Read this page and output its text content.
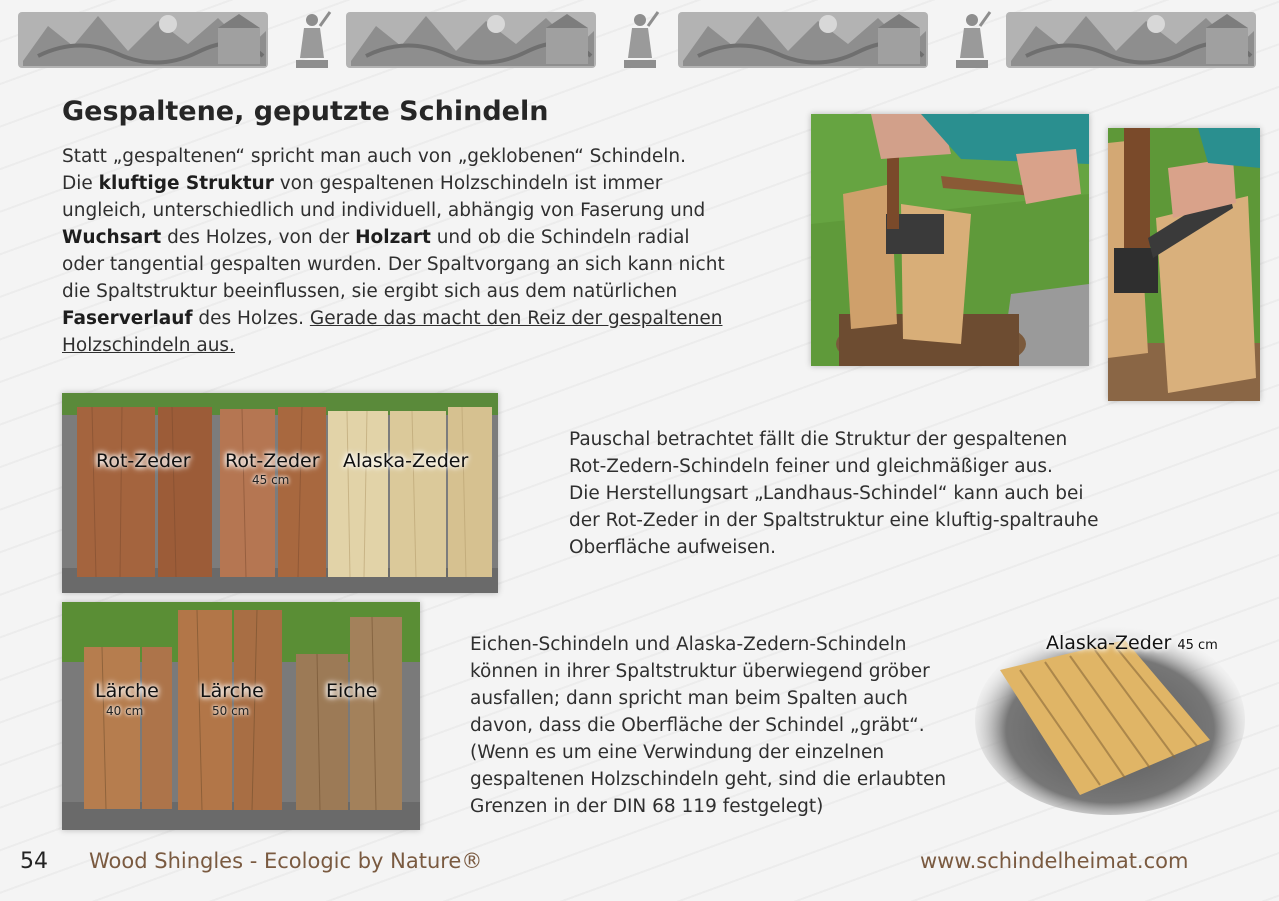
Gespaltene, geputzte Schindeln
Statt „gespaltenen“ spricht man auch von „geklobenen“ Schindeln.
Die kluftige Struktur von gespaltenen Holzschindeln ist immer
ungleich, unterschiedlich und individuell, abhängig von Faserung und
Wuchsart des Holzes, von der Holzart und ob die Schindeln radial
oder tangential gespalten wurden. Der Spaltvorgang an sich kann nicht
die Spaltstruktur beeinflussen, sie ergibt sich aus dem natürlichen
Faserverlauf des Holzes. Gerade das macht den Reiz der gespaltenen
Holzschindeln aus.
Rot-Zeder Rot-Zeder
45 cm
Alaska-Zeder
Lärche
40 cm
Lärche
50 cm
Eiche
Pauschal betrachtet fällt die Struktur der gespaltenen
Rot-Zedern-Schindeln feiner und gleichmäßiger aus.
Die Herstellungsart „Landhaus-Schindel“ kann auch bei
der Rot-Zeder in der Spaltstruktur eine kluftig-spaltrauhe
Oberfläche aufweisen.
Eichen-Schindeln und Alaska-Zedern-Schindeln
können in ihrer Spaltstruktur überwiegend gröber
ausfallen; dann spricht man beim Spalten auch
davon, dass die Oberfläche der Schindel „gräbt“.
(Wenn es um eine Verwindung der einzelnen
gespaltenen Holzschindeln geht, sind die erlaubten
Grenzen in der DIN 68 119 festgelegt)
Alaska-Zeder 45 cm
54 Wood Shingles - Ecologic by Nature®	www.schindelheimat.com
